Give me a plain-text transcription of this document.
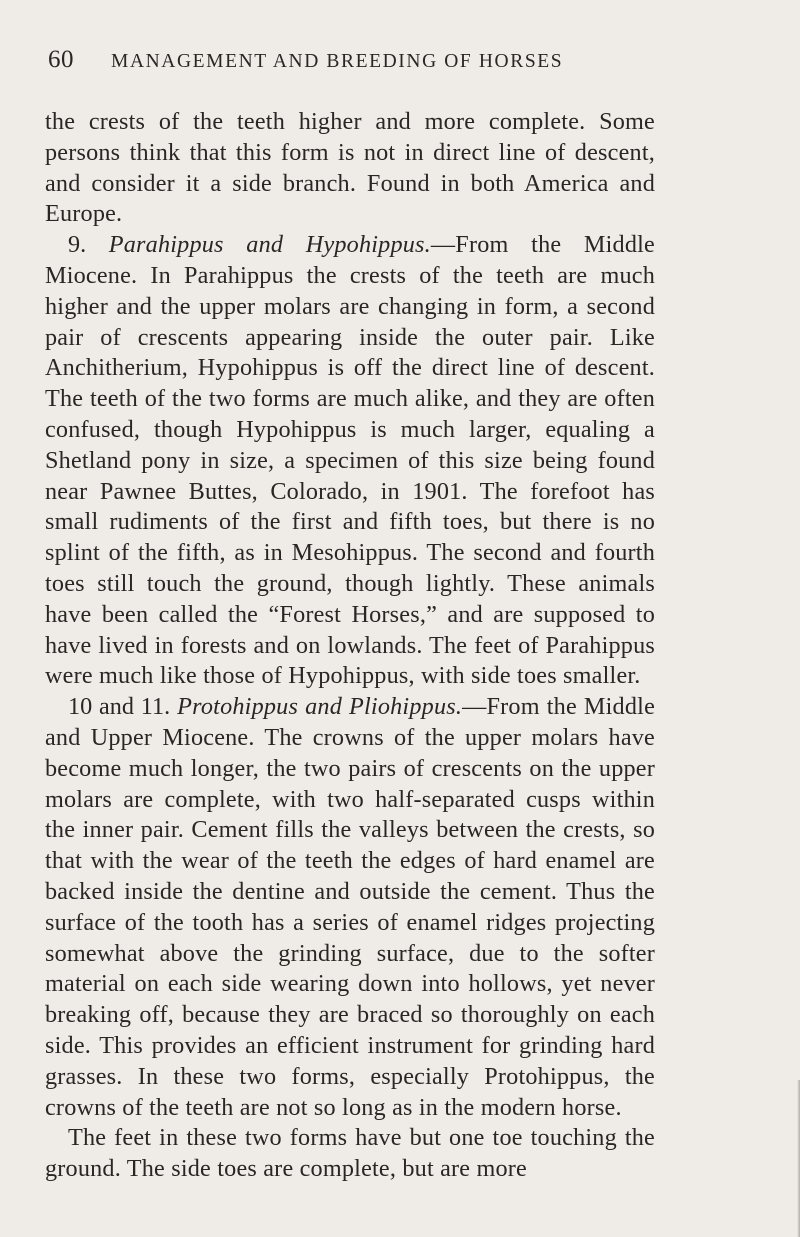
60 MANAGEMENT AND BREEDING OF HORSES

the crests of the teeth higher and more complete. Some persons think that this form is not in direct line of descent, and consider it a side branch. Found in both America and Europe.

9. Parahippus and Hypohippus.—From the Middle Miocene. In Parahippus the crests of the teeth are much higher and the upper molars are changing in form, a second pair of crescents appearing inside the outer pair. Like Anchitherium, Hypohippus is off the direct line of descent. The teeth of the two forms are much alike, and they are often confused, though Hypohippus is much larger, equaling a Shetland pony in size, a specimen of this size being found near Pawnee Buttes, Colorado, in 1901. The forefoot has small rudiments of the first and fifth toes, but there is no splint of the fifth, as in Mesohippus. The second and fourth toes still touch the ground, though lightly. These animals have been called the “Forest Horses,” and are supposed to have lived in forests and on lowlands. The feet of Parahippus were much like those of Hypohippus, with side toes smaller.

10 and 11. Protohippus and Pliohippus.—From the Middle and Upper Miocene. The crowns of the upper molars have become much longer, the two pairs of crescents on the upper molars are complete, with two half-separated cusps within the inner pair. Cement fills the valleys between the crests, so that with the wear of the teeth the edges of hard enamel are backed inside the dentine and outside the cement. Thus the surface of the tooth has a series of enamel ridges projecting somewhat above the grinding surface, due to the softer material on each side wearing down into hollows, yet never breaking off, because they are braced so thoroughly on each side. This provides an efficient instrument for grinding hard grasses. In these two forms, especially Protohippus, the crowns of the teeth are not so long as in the modern horse.

The feet in these two forms have but one toe touching the ground. The side toes are complete, but are more
